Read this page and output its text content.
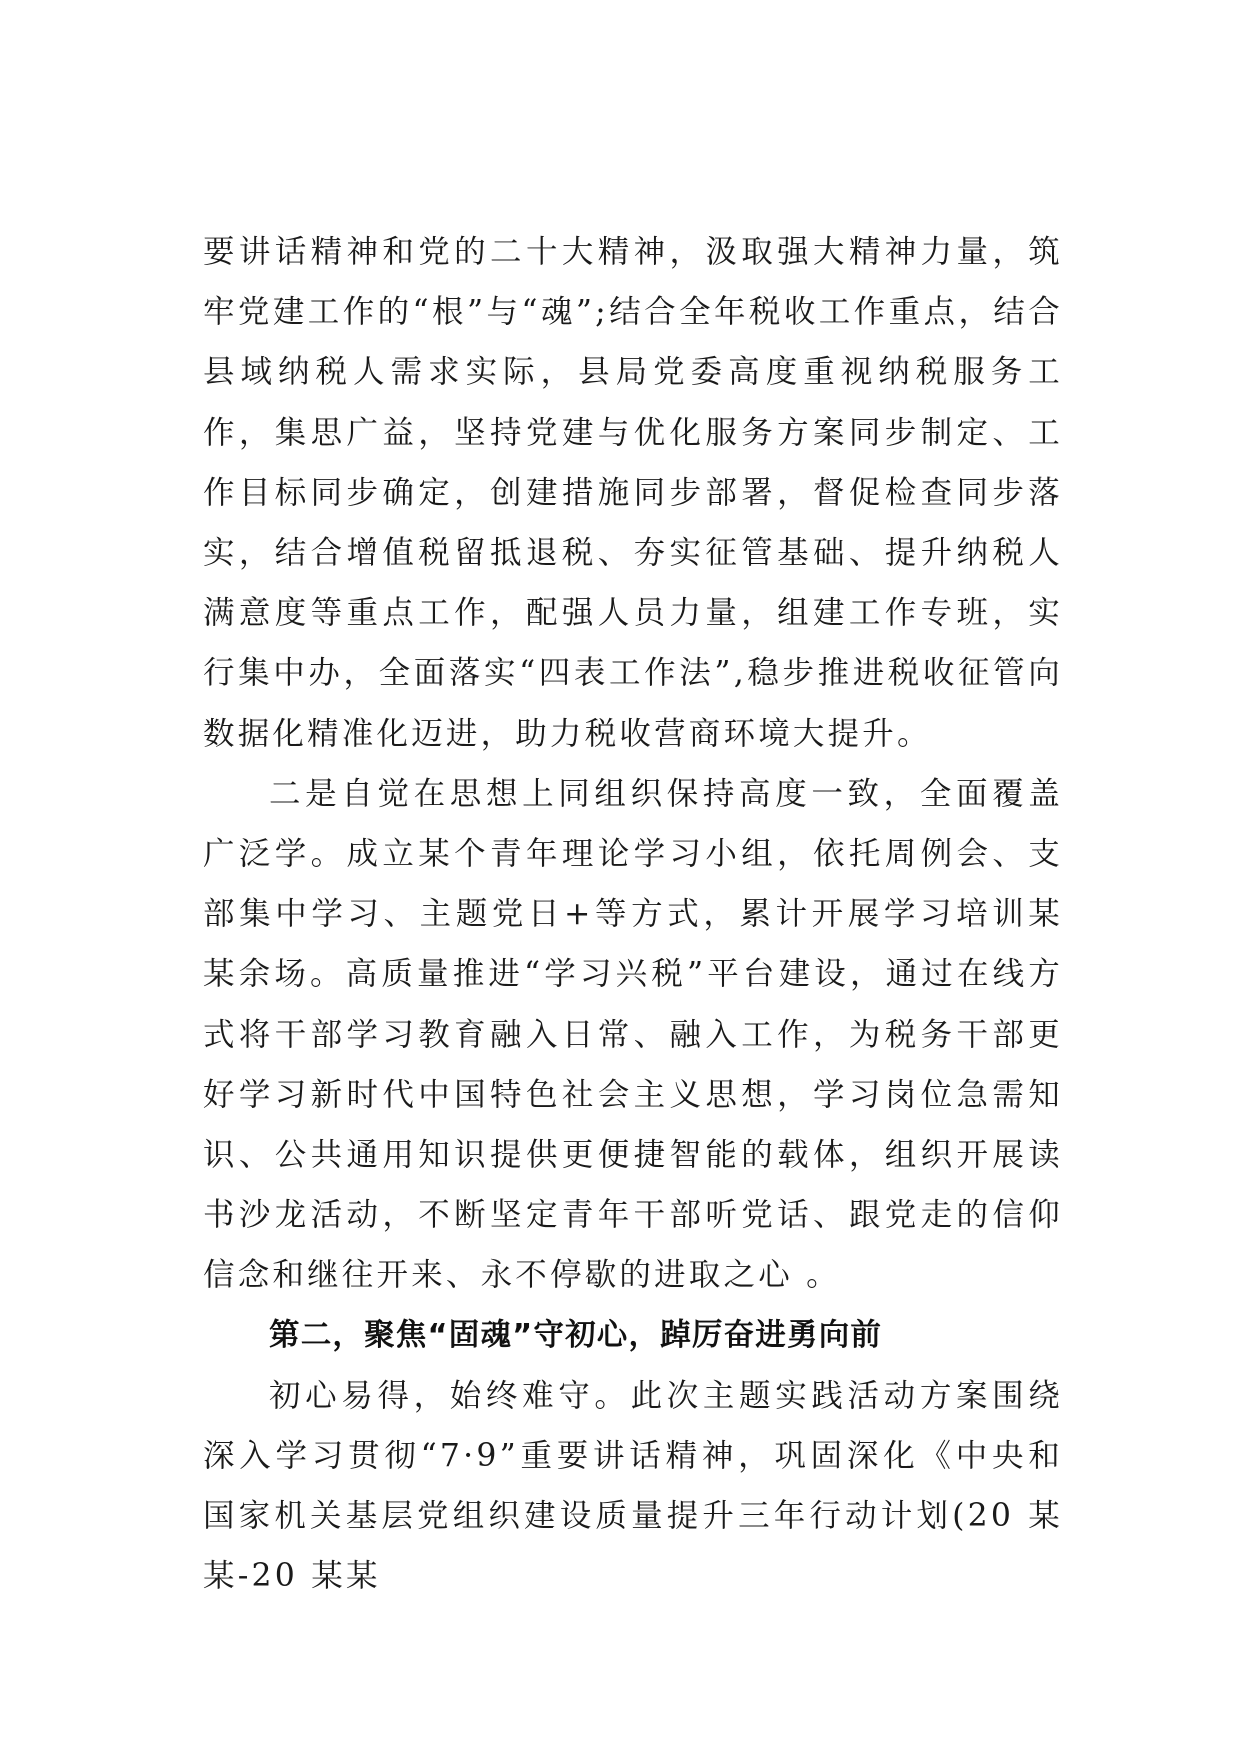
要讲话精神和党的二十大精神，汲取强大精神力量，筑牢党建工作的“根”与“魂”;结合全年税收工作重点，结合县域纳税人需求实际，县局党委高度重视纳税服务工作，集思广益，坚持党建与优化服务方案同步制定、工作目标同步确定，创建措施同步部署，督促检查同步落实，结合增值税留抵退税、夯实征管基础、提升纳税人满意度等重点工作，配强人员力量，组建工作专班，实行集中办，全面落实“四表工作法”,稳步推进税收征管向数据化精准化迈进，助力税收营商环境大提升。

二是自觉在思想上同组织保持高度一致，全面覆盖广泛学。成立某个青年理论学习小组，依托周例会、支部集中学习、主题党日+等方式，累计开展学习培训某某余场。高质量推进“学习兴税”平台建设，通过在线方式将干部学习教育融入日常、融入工作，为税务干部更好学习新时代中国特色社会主义思想，学习岗位急需知识、公共通用知识提供更便捷智能的载体，组织开展读书沙龙活动，不断坚定青年干部听党话、跟党走的信仰信念和继往开来、永不停歇的进取之心 。

第二，聚焦“固魂”守初心，踔厉奋进勇向前

初心易得，始终难守。此次主题实践活动方案围绕深入学习贯彻“7·9”重要讲话精神，巩固深化《中央和国家机关基层党组织建设质量提升三年行动计划(20 某某-20 某某
